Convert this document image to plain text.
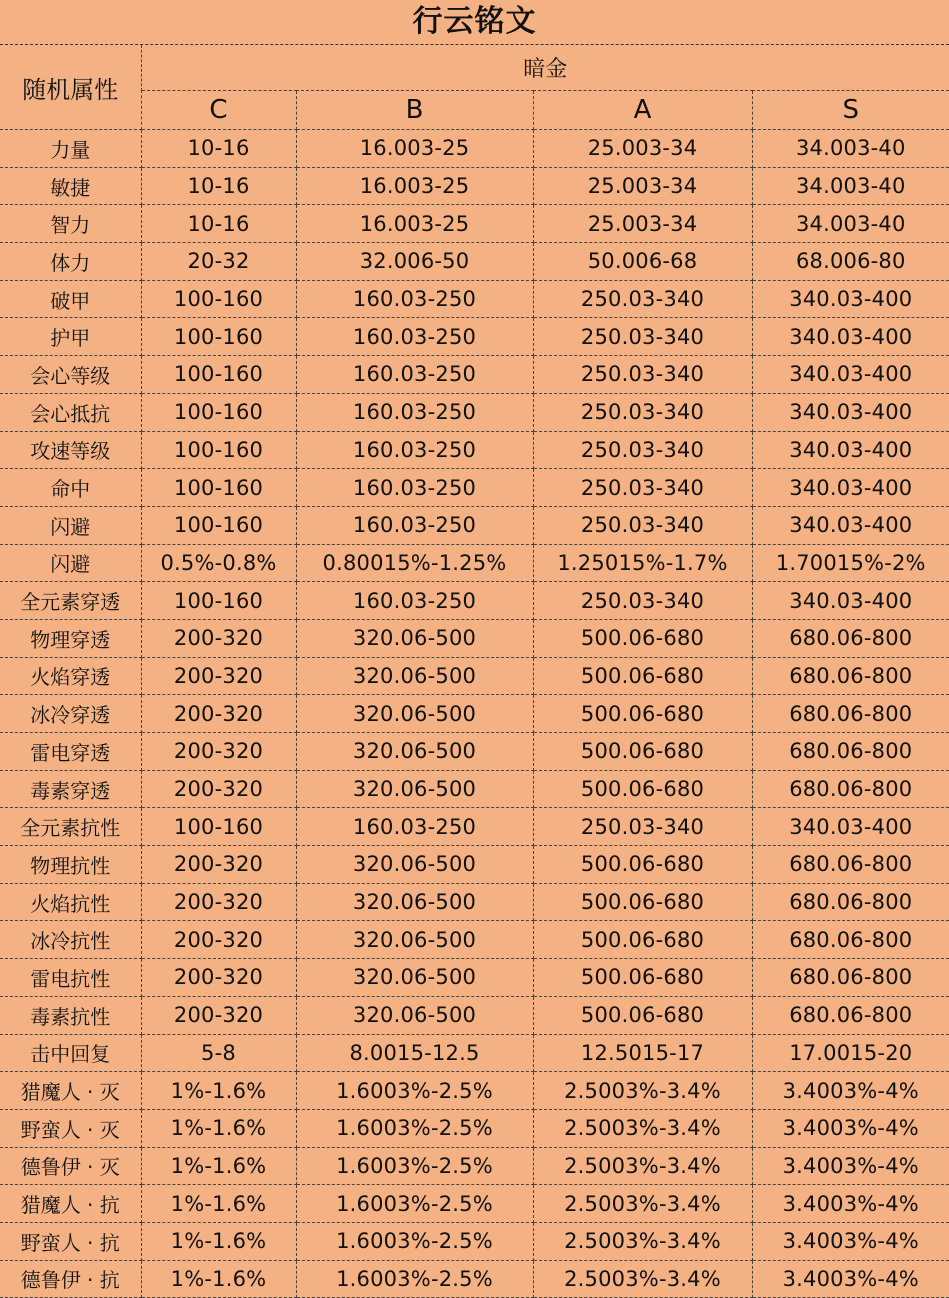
行云铭文
随机属性	暗金			
	C	B	A	S
力量	10-16	16.003-25	25.003-34	34.003-40
敏捷	10-16	16.003-25	25.003-34	34.003-40
智力	10-16	16.003-25	25.003-34	34.003-40
体力	20-32	32.006-50	50.006-68	68.006-80
破甲	100-160	160.03-250	250.03-340	340.03-400
护甲	100-160	160.03-250	250.03-340	340.03-400
会心等级	100-160	160.03-250	250.03-340	340.03-400
会心抵抗	100-160	160.03-250	250.03-340	340.03-400
攻速等级	100-160	160.03-250	250.03-340	340.03-400
命中	100-160	160.03-250	250.03-340	340.03-400
闪避	100-160	160.03-250	250.03-340	340.03-400
闪避	0.5%-0.8%	0.80015%-1.25%	1.25015%-1.7%	1.70015%-2%
全元素穿透	100-160	160.03-250	250.03-340	340.03-400
物理穿透	200-320	320.06-500	500.06-680	680.06-800
火焰穿透	200-320	320.06-500	500.06-680	680.06-800
冰冷穿透	200-320	320.06-500	500.06-680	680.06-800
雷电穿透	200-320	320.06-500	500.06-680	680.06-800
毒素穿透	200-320	320.06-500	500.06-680	680.06-800
全元素抗性	100-160	160.03-250	250.03-340	340.03-400
物理抗性	200-320	320.06-500	500.06-680	680.06-800
火焰抗性	200-320	320.06-500	500.06-680	680.06-800
冰冷抗性	200-320	320.06-500	500.06-680	680.06-800
雷电抗性	200-320	320.06-500	500.06-680	680.06-800
毒素抗性	200-320	320.06-500	500.06-680	680.06-800
击中回复	5-8	8.0015-12.5	12.5015-17	17.0015-20
猎魔人 · 灭	1%-1.6%	1.6003%-2.5%	2.5003%-3.4%	3.4003%-4%
野蛮人 · 灭	1%-1.6%	1.6003%-2.5%	2.5003%-3.4%	3.4003%-4%
德鲁伊 · 灭	1%-1.6%	1.6003%-2.5%	2.5003%-3.4%	3.4003%-4%
猎魔人 · 抗	1%-1.6%	1.6003%-2.5%	2.5003%-3.4%	3.4003%-4%
野蛮人 · 抗	1%-1.6%	1.6003%-2.5%	2.5003%-3.4%	3.4003%-4%
德鲁伊 · 抗	1%-1.6%	1.6003%-2.5%	2.5003%-3.4%	3.4003%-4%
